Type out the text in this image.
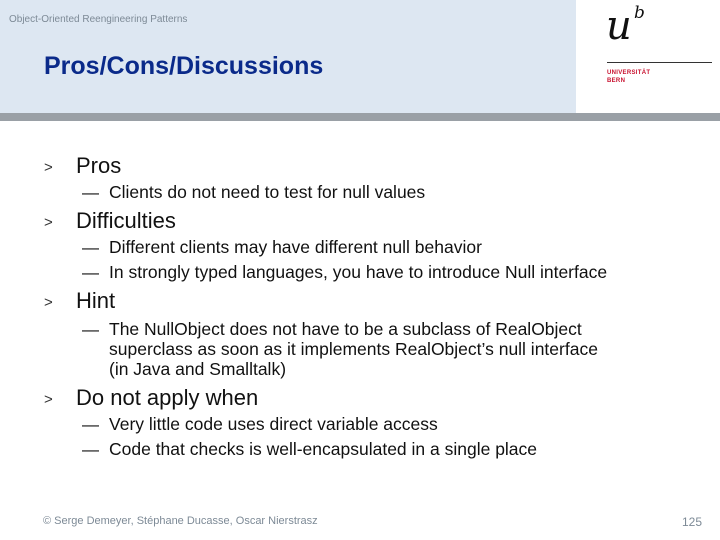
Object-Oriented Reengineering Patterns
Pros/Cons/Discussions
u b
UNIVERSITÄT
BERN
> Pros
— Clients do not need to test for null values
> Difficulties
— Different clients may have different null behavior
— In strongly typed languages, you have to introduce Null interface
> Hint
— The NullObject does not have to be a subclass of RealObject
superclass as soon as it implements RealObject’s null interface
(in Java and Smalltalk)
> Do not apply when
— Very little code uses direct variable access
— Code that checks is well-encapsulated in a single place
© Serge Demeyer, Stéphane Ducasse, Oscar Nierstrasz	125
